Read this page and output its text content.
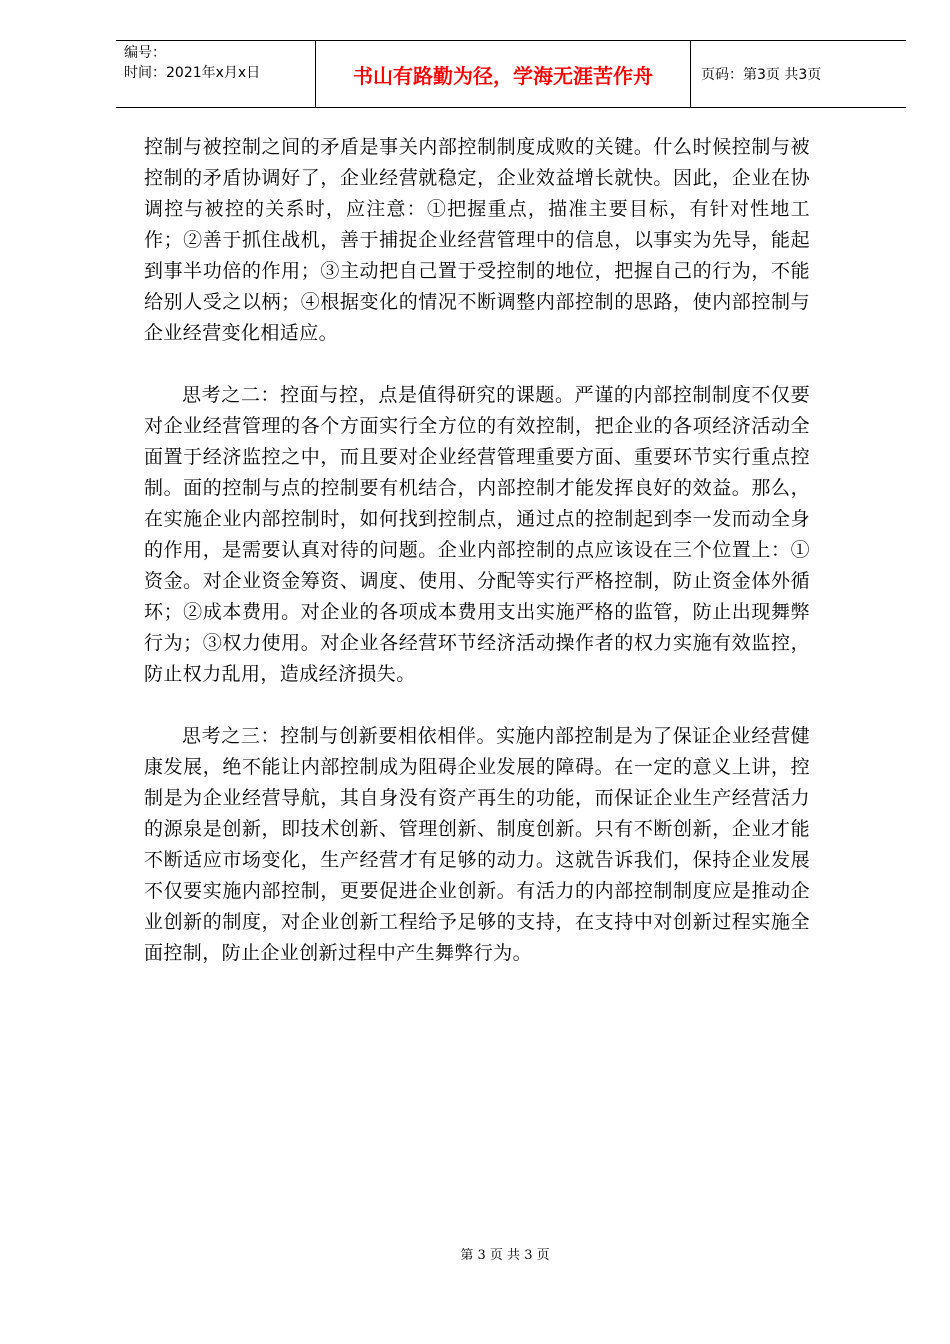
编号：
时间：2021年x月x日	书山有路勤为径，学海无涯苦作舟	页码：第3页 共3页

控制与被控制之间的矛盾是事关内部控制制度成败的关键。什么时候控制与被控制的矛盾协调好了，企业经营就稳定，企业效益增长就快。因此，企业在协调控与被控的关系时，应注意：①把握重点，描准主要目标，有针对性地工作；②善于抓住战机，善于捕捉企业经营管理中的信息，以事实为先导，能起到事半功倍的作用；③主动把自己置于受控制的地位，把握自己的行为，不能给别人受之以柄；④根据变化的情况不断调整内部控制的思路，使内部控制与企业经营变化相适应。

思考之二：控面与控，点是值得研究的课题。严谨的内部控制制度不仅要对企业经营管理的各个方面实行全方位的有效控制，把企业的各项经济活动全面置于经济监控之中，而且要对企业经营管理重要方面、重要环节实行重点控制。面的控制与点的控制要有机结合，内部控制才能发挥良好的效益。那么，在实施企业内部控制时，如何找到控制点，通过点的控制起到李一发而动全身的作用，是需要认真对待的问题。企业内部控制的点应该设在三个位置上：①资金。对企业资金筹资、调度、使用、分配等实行严格控制，防止资金体外循环；②成本费用。对企业的各项成本费用支出实施严格的监管，防止出现舞弊行为；③权力使用。对企业各经营环节经济活动操作者的权力实施有效监控，防止权力乱用，造成经济损失。

思考之三：控制与创新要相依相伴。实施内部控制是为了保证企业经营健康发展，绝不能让内部控制成为阻碍企业发展的障碍。在一定的意义上讲，控制是为企业经营导航，其自身没有资产再生的功能，而保证企业生产经营活力的源泉是创新，即技术创新、管理创新、制度创新。只有不断创新，企业才能不断适应市场变化，生产经营才有足够的动力。这就告诉我们，保持企业发展不仅要实施内部控制，更要促进企业创新。有活力的内部控制制度应是推动企业创新的制度，对企业创新工程给予足够的支持，在支持中对创新过程实施全面控制，防止企业创新过程中产生舞弊行为。

第 3 页 共 3 页
